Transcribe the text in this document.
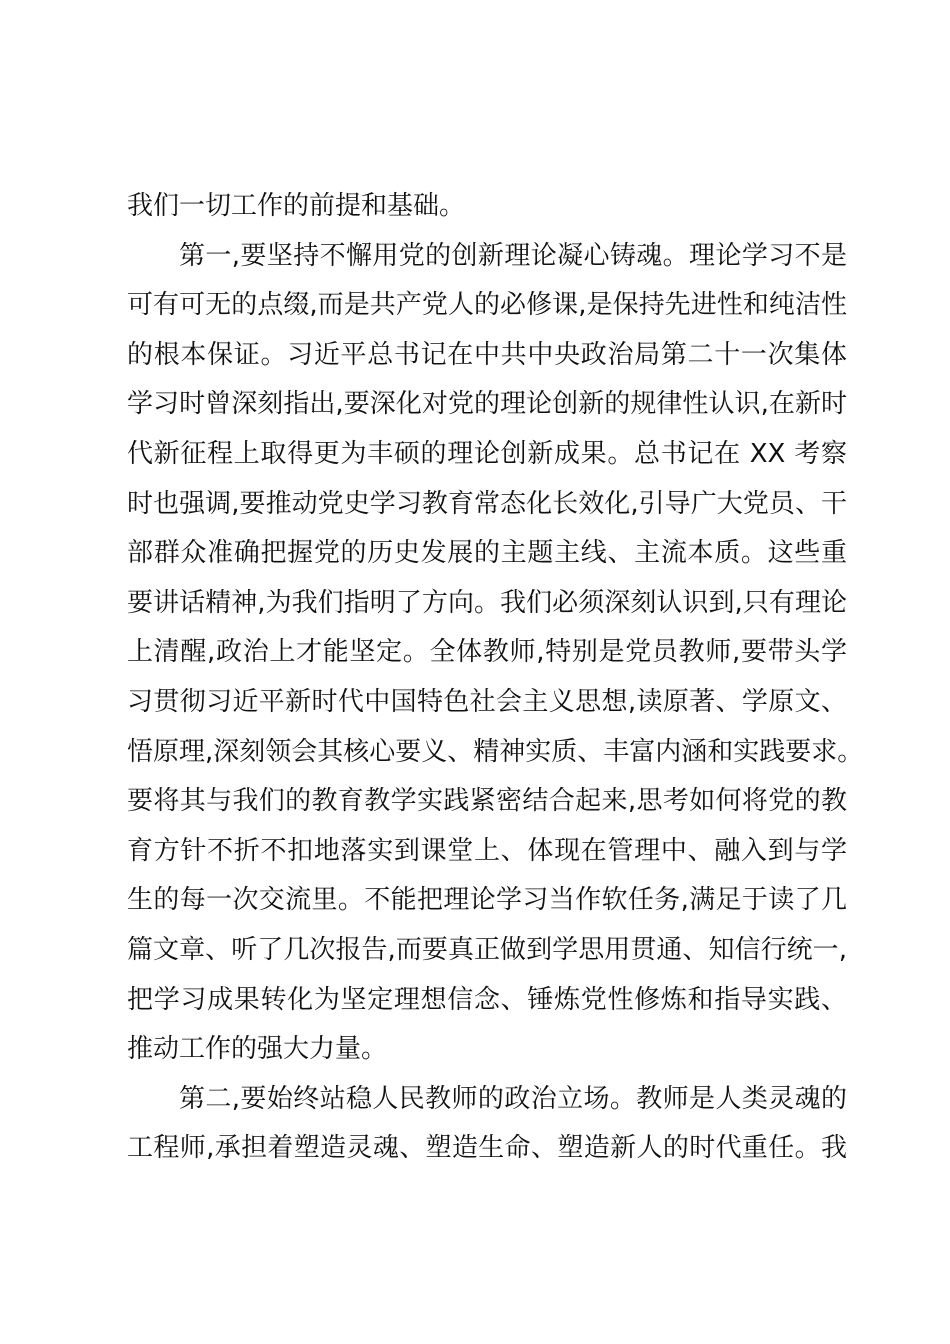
我们一切工作的前提和基础。
第一,要坚持不懈用党的创新理论凝心铸魂。理论学习不是
可有可无的点缀,而是共产党人的必修课,是保持先进性和纯洁性
的根本保证。习近平总书记在中共中央政治局第二十一次集体
学习时曾深刻指出,要深化对党的理论创新的规律性认识,在新时
代新征程上取得更为丰硕的理论创新成果。总书记在 XX 考察
时也强调,要推动党史学习教育常态化长效化,引导广大党员、干
部群众准确把握党的历史发展的主题主线、主流本质。这些重
要讲话精神,为我们指明了方向。我们必须深刻认识到,只有理论
上清醒,政治上才能坚定。全体教师,特别是党员教师,要带头学
习贯彻习近平新时代中国特色社会主义思想,读原著、学原文、
悟原理,深刻领会其核心要义、精神实质、丰富内涵和实践要求。
要将其与我们的教育教学实践紧密结合起来,思考如何将党的教
育方针不折不扣地落实到课堂上、体现在管理中、融入到与学
生的每一次交流里。不能把理论学习当作软任务,满足于读了几
篇文章、听了几次报告,而要真正做到学思用贯通、知信行统一,
把学习成果转化为坚定理想信念、锤炼党性修炼和指导实践、
推动工作的强大力量。
第二,要始终站稳人民教师的政治立场。教师是人类灵魂的
工程师,承担着塑造灵魂、塑造生命、塑造新人的时代重任。我
